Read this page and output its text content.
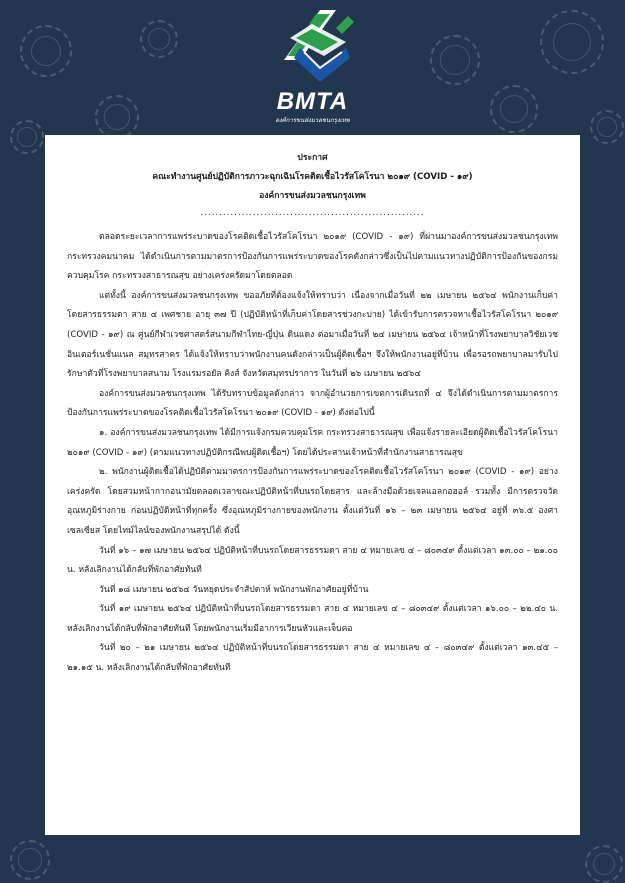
BMTA
องค์การขนส่งมวลชนกรุงเทพ
ประกาศ
คณะทำงานศูนย์ปฏิบัติการภาวะฉุกเฉินโรคติดเชื้อไวรัสโคโรนา ๒๐๑๙ (COVID - ๑๙)
องค์การขนส่งมวลชนกรุงเทพ
............................................................
ตลอดระยะเวลาการแพร่ระบาดของโรคติดเชื้อไวรัสโคโรนา ๒๐๑๙ (COVID - ๑๙) ที่ผ่านมาองค์การขนส่งมวลชนกรุงเทพ กระทรวงคมนาคม ได้ดำเนินการตามมาตรการป้องกันการแพร่ระบาดของโรคดังกล่าวซึ่งเป็นไปตามแนวทางปฏิบัติการป้องกันของกรมควบคุมโรค กระทรวงสาธารณสุข อย่างเคร่งครัดมาโดยตลอด
แต่ทั้งนี้ องค์การขนส่งมวลชนกรุงเทพ ขออภัยที่ต้องแจ้งให้ทราบว่า เนื่องจากเมื่อวันที่ ๒๒ เมษายน ๒๕๖๔ พนักงานเก็บค่าโดยสารธรรมดา สาย ๔ เพศชาย อายุ ๓๗ ปี (ปฏิบัติหน้าที่เก็บค่าโดยสารช่วงกะบ่าย) ได้เข้ารับการตรวจหาเชื้อไวรัสโคโรนา ๒๐๑๙ (COVID - ๑๙) ณ ศูนย์กีฬาเวชศาสตร์สนามกีฬาไทย-ญี่ปุ่น ดินแดง ต่อมาเมื่อวันที่ ๒๔ เมษายน ๒๕๖๔ เจ้าหน้าที่โรงพยาบาลวิชัยเวช อินเตอร์เนชั่นแนล สมุทรสาคร ได้แจ้งให้ทราบว่าพนักงานคนดังกล่าวเป็นผู้ติดเชื้อฯ จึงให้พนักงานอยู่ที่บ้าน เพื่อรอรถพยาบาลมารับไปรักษาตัวที่โรงพยาบาลสนาม โรงแรมรอยัล คิงส์ จังหวัดสมุทรปราการ ในวันที่ ๒๖ เมษายน ๒๕๖๔
องค์การขนส่งมวลชนกรุงเทพ ได้รับทราบข้อมูลดังกล่าว จากผู้อำนวยการเขตการเดินรถที่ ๔ จึงได้ดำเนินการตามมาตรการป้องกันการแพร่ระบาดของโรคติดเชื้อไวรัสโคโรนา ๒๐๑๙ (COVID - ๑๙) ดังต่อไปนี้
๑. องค์การขนส่งมวลชนกรุงเทพ ได้มีการแจ้งกรมควบคุมโรค กระทรวงสาธารณสุข เพื่อแจ้งรายละเอียดผู้ติดเชื้อไวรัสโคโรนา ๒๐๑๙ (COVID - ๑๙) (ตามแนวทางปฏิบัติกรณีพบผู้ติดเชื้อฯ) โดยได้ประสานเจ้าหน้าที่สำนักงานสาธารณสุข
๒. พนักงานผู้ติดเชื้อได้ปฏิบัติตามมาตรการป้องกันการแพร่ระบาดของโรคติดเชื้อไวรัสโคโรนา ๒๐๑๙ (COVID - ๑๙) อย่างเคร่งครัด โดยสวมหน้ากากอนามัยตลอดเวลาขณะปฏิบัติหน้าที่บนรถโดยสาร และล้างมือด้วยเจลแอลกอฮอล์ รวมทั้ง มีการตรวจวัดอุณหภูมิร่างกาย ก่อนปฏิบัติหน้าที่ทุกครั้ง ซึ่งอุณหภูมิร่างกายของพนักงาน ตั้งแต่วันที่ ๑๖ – ๒๓ เมษายน ๒๕๖๔ อยู่ที่ ๓๖.๕ องศาเซลเซียส โดยไทม์ไลน์ของพนักงานสรุปได้ ดังนี้
วันที่ ๑๖ – ๑๗ เมษายน ๒๕๖๔ ปฏิบัติหน้าที่บนรถโดยสารธรรมดา สาย ๔ หมายเลข ๔ – ๘๐๓๔๙ ตั้งแต่เวลา ๑๓.๐๐ – ๒๑.๐๐ น. หลังเลิกงานได้กลับที่พักอาศัยทันที
วันที่ ๑๘ เมษายน ๒๕๖๔ วันหยุดประจำสัปดาห์ พนักงานพักอาศัยอยู่ที่บ้าน
วันที่ ๑๙ เมษายน ๒๕๖๔ ปฏิบัติหน้าที่บนรถโดยสารธรรมดา สาย ๔ หมายเลข ๔ – ๘๐๓๔๙ ตั้งแต่เวลา ๑๖.๐๐ – ๒๒.๔๐ น. หลังเลิกงานได้กลับที่พักอาศัยทันที โดยพนักงานเริ่มมีอาการเวียนหัวและเจ็บคอ
วันที่ ๒๐ – ๒๑ เมษายน ๒๕๖๔ ปฏิบัติหน้าที่บนรถโดยสารธรรมดา สาย ๔ หมายเลข ๔ – ๘๐๓๔๙ ตั้งแต่เวลา ๑๓.๔๕ – ๒๑.๑๕ น. หลังเลิกงานได้กลับที่พักอาศัยทันที
